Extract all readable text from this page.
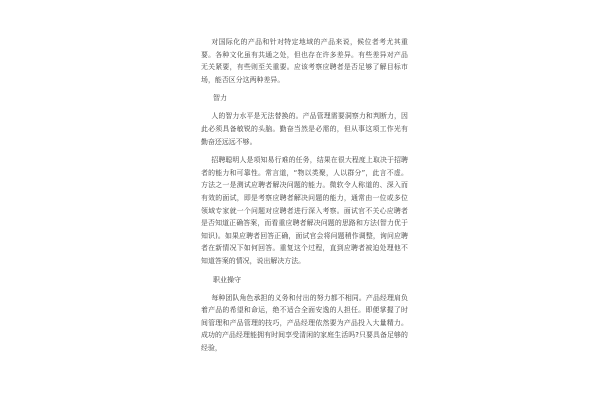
对国际化的产品和针对特定地域的产品来说，候位者考尤其重要。各种文化虽有共通之处，但也存在许多差异。有些差异对产品无关紧要，有些则至关重要。应该考察应聘者是否足够了解目标市场，能否区分这两种差异。

智力

人的智力水平是无法替换的。产品管理需要洞察力和判断力，因此必须具备敏锐的头脑。勤奋当然是必需的，但从事这项工作光有勤奋还远远不够。

招聘聪明人是项知易行难的任务，结果在很大程度上取决于招聘者的能力和可靠性。常言道，“物以类聚，人以群分”，此言不虚。方法之一是测试应聘者解决问题的能力。微软令人称道的、深入而有效的面试，即是考察应聘者解决问题的能力，通常由一位或多位领域专家就一个问题对应聘者进行深入考察。面试官不关心应聘者是否知道正确答案，而看重应聘者解决问题的思路和方法(智力优于知识)。如果应聘者回答正确，面试官会将问题稍作调整，询问应聘者在新情况下如何回答。重复这个过程，直到应聘者被迫处理他不知道答案的情况，说出解决方法。

职业操守

每种团队角色承担的义务和付出的努力都不相同。产品经理肩负着产品的希望和命运，绝不适合全面安逸的人担任。即便掌握了时间管理和产品管理的技巧，产品经理依然要为产品投入大量精力。成功的产品经理能拥有时间享受清闲的家庭生活吗?只要具备足够的经验，
